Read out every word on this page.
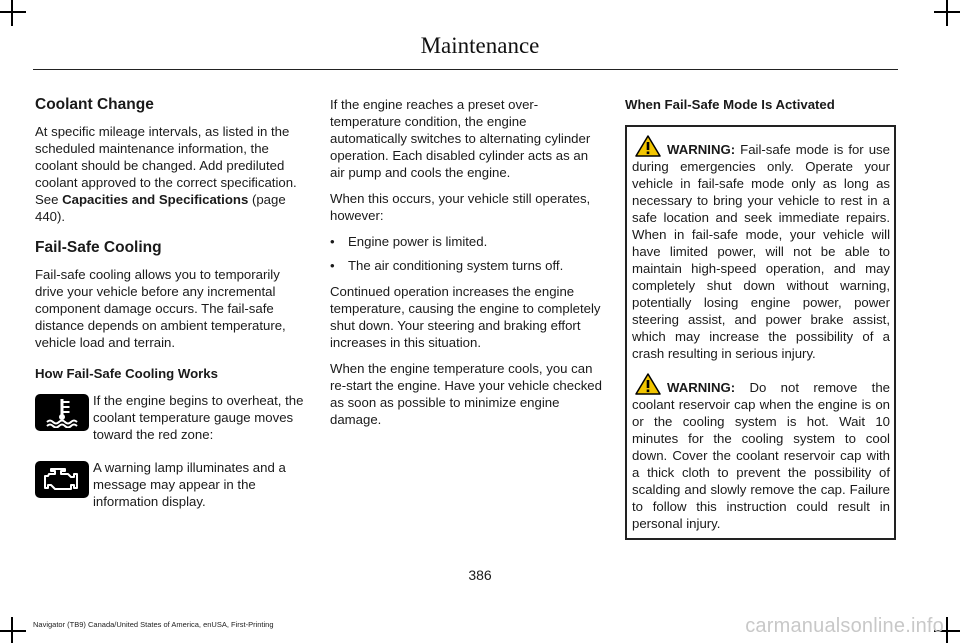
Maintenance
Coolant Change

At specific mileage intervals, as listed in the scheduled maintenance information, the coolant should be changed. Add prediluted coolant approved to the correct specification. See Capacities and Specifications (page 440).

Fail-Safe Cooling

Fail-safe cooling allows you to temporarily drive your vehicle before any incremental component damage occurs. The fail-safe distance depends on ambient temperature, vehicle load and terrain.

How Fail-Safe Cooling Works
If the engine begins to overheat, the coolant temperature gauge moves toward the red zone:
A warning lamp illuminates and a message may appear in the information display.

If the engine reaches a preset over-temperature condition, the engine automatically switches to alternating cylinder operation. Each disabled cylinder acts as an air pump and cools the engine.

When this occurs, your vehicle still operates, however:

• Engine power is limited.
• The air conditioning system turns off.

Continued operation increases the engine temperature, causing the engine to completely shut down. Your steering and braking effort increases in this situation.

When the engine temperature cools, you can re-start the engine. Have your vehicle checked as soon as possible to minimize engine damage.

When Fail-Safe Mode Is Activated

WARNING: Fail-safe mode is for use during emergencies only. Operate your vehicle in fail-safe mode only as long as necessary to bring your vehicle to rest in a safe location and seek immediate repairs. When in fail-safe mode, your vehicle will have limited power, will not be able to maintain high-speed operation, and may completely shut down without warning, potentially losing engine power, power steering assist, and power brake assist, which may increase the possibility of a crash resulting in serious injury.

WARNING: Do not remove the coolant reservoir cap when the engine is on or the cooling system is hot. Wait 10 minutes for the cooling system to cool down. Cover the coolant reservoir cap with a thick cloth to prevent the possibility of scalding and slowly remove the cap. Failure to follow this instruction could result in personal injury.

386
Navigator (TB9) Canada/United States of America, enUSA, First-Printing	carmanualsonline.info
